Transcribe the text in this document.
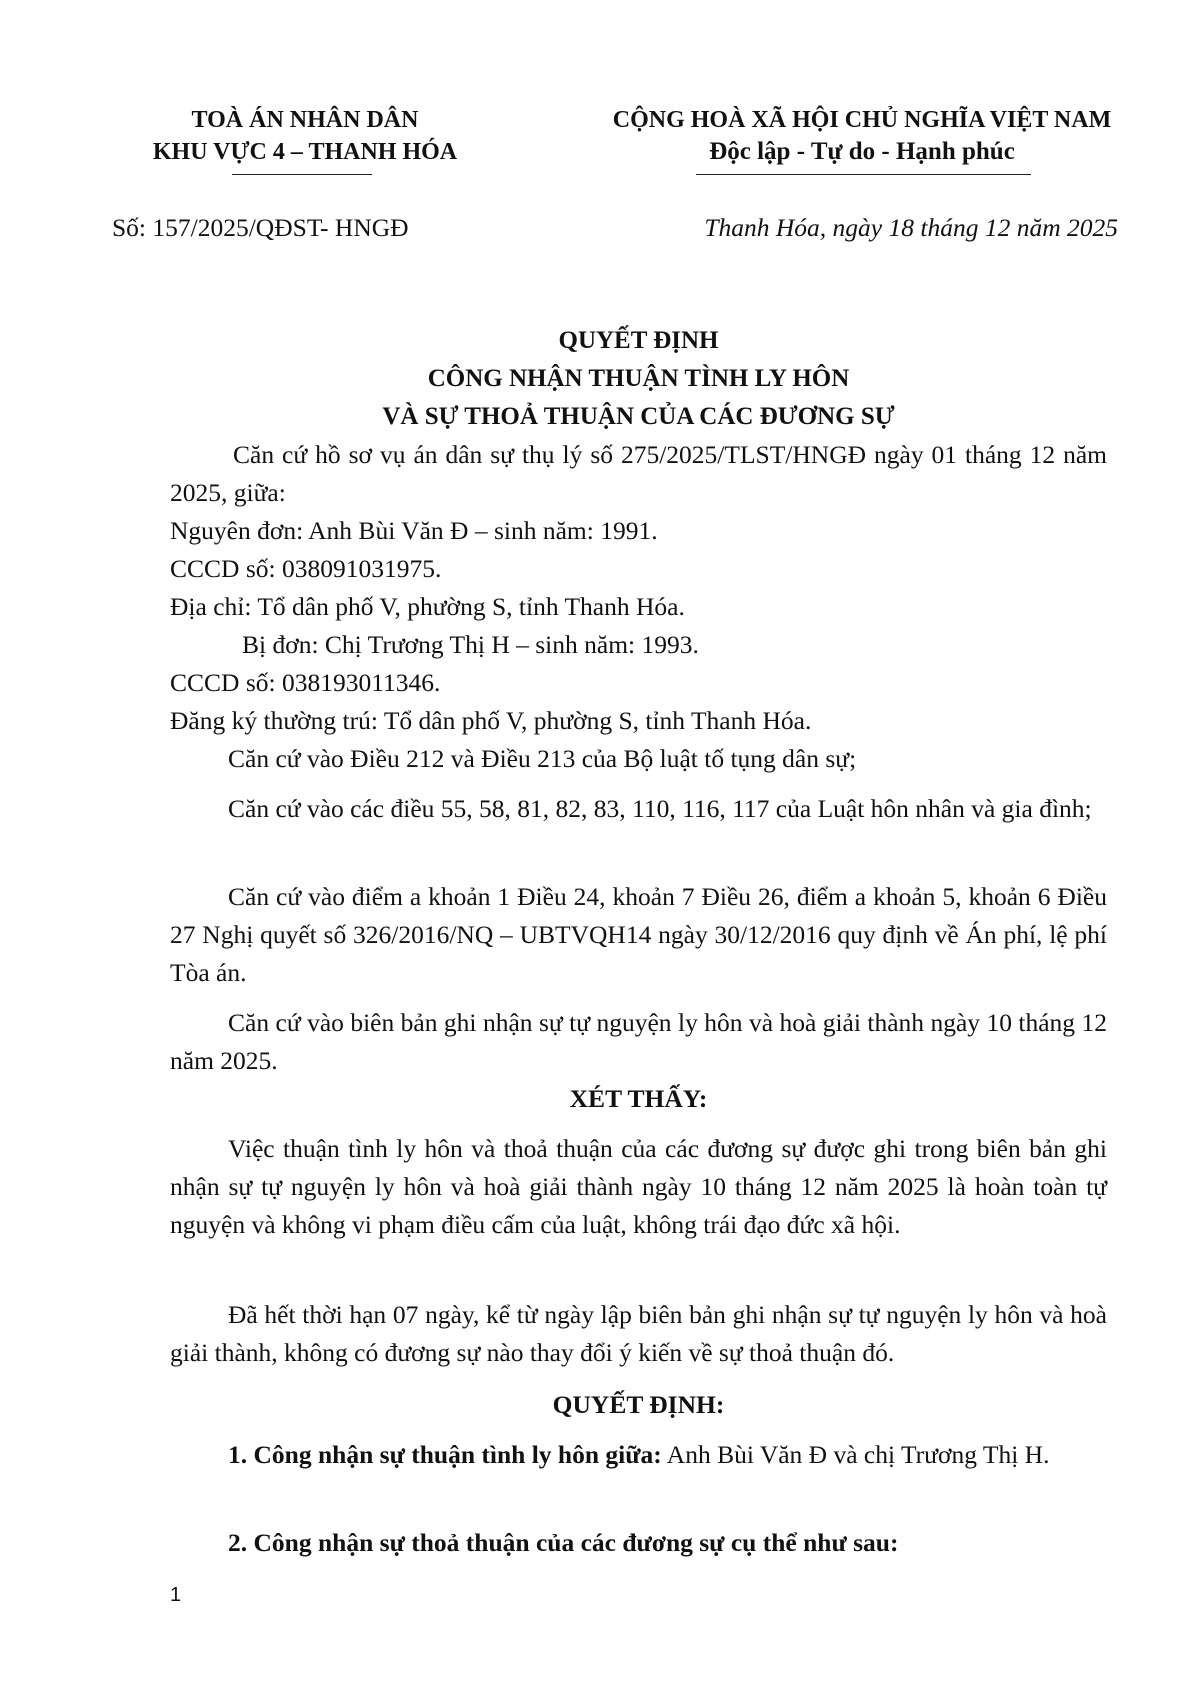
TOÀ ÁN NHÂN DÂN
KHU VỰC 4 – THANH HÓA
CỘNG HOÀ XÃ HỘI CHỦ NGHĨA VIỆT NAM
Độc lập - Tự do - Hạnh phúc
Số: 157/2025/QĐST- HNGĐ	Thanh Hóa, ngày 18 tháng 12 năm 2025
QUYẾT ĐỊNH
CÔNG NHẬN THUẬN TÌNH LY HÔN
VÀ SỰ THOẢ THUẬN CỦA CÁC ĐƯƠNG SỰ
Căn cứ hồ sơ vụ án dân sự thụ lý số 275/2025/TLST/HNGĐ ngày 01 tháng 12 năm 2025, giữa:
Nguyên đơn: Anh Bùi Văn Đ – sinh năm: 1991.
CCCD số: 038091031975.
Địa chỉ: Tổ dân phố V, phường S, tỉnh Thanh Hóa.
Bị đơn: Chị Trương Thị H – sinh năm: 1993.
CCCD số: 038193011346.
Đăng ký thường trú: Tổ dân phố V, phường S, tỉnh Thanh Hóa.
Căn cứ vào Điều 212 và Điều 213 của Bộ luật tố tụng dân sự;
Căn cứ vào các điều 55, 58, 81, 82, 83, 110, 116, 117 của Luật hôn nhân và gia đình;
Căn cứ vào điểm a khoản 1 Điều 24, khoản 7 Điều 26, điểm a khoản 5, khoản 6 Điều 27 Nghị quyết số 326/2016/NQ – UBTVQH14 ngày 30/12/2016 quy định về Án phí, lệ phí Tòa án.
Căn cứ vào biên bản ghi nhận sự tự nguyện ly hôn và hoà giải thành ngày 10 tháng 12 năm 2025.
XÉT THẤY:
Việc thuận tình ly hôn và thoả thuận của các đương sự được ghi trong biên bản ghi nhận sự tự nguyện ly hôn và hoà giải thành ngày 10 tháng 12 năm 2025 là hoàn toàn tự nguyện và không vi phạm điều cấm của luật, không trái đạo đức xã hội.
Đã hết thời hạn 07 ngày, kể từ ngày lập biên bản ghi nhận sự tự nguyện ly hôn và hoà giải thành, không có đương sự nào thay đổi ý kiến về sự thoả thuận đó.
QUYẾT ĐỊNH:
1. Công nhận sự thuận tình ly hôn giữa: Anh Bùi Văn Đ và chị Trương Thị H.
2. Công nhận sự thoả thuận của các đương sự cụ thể như sau:
1
